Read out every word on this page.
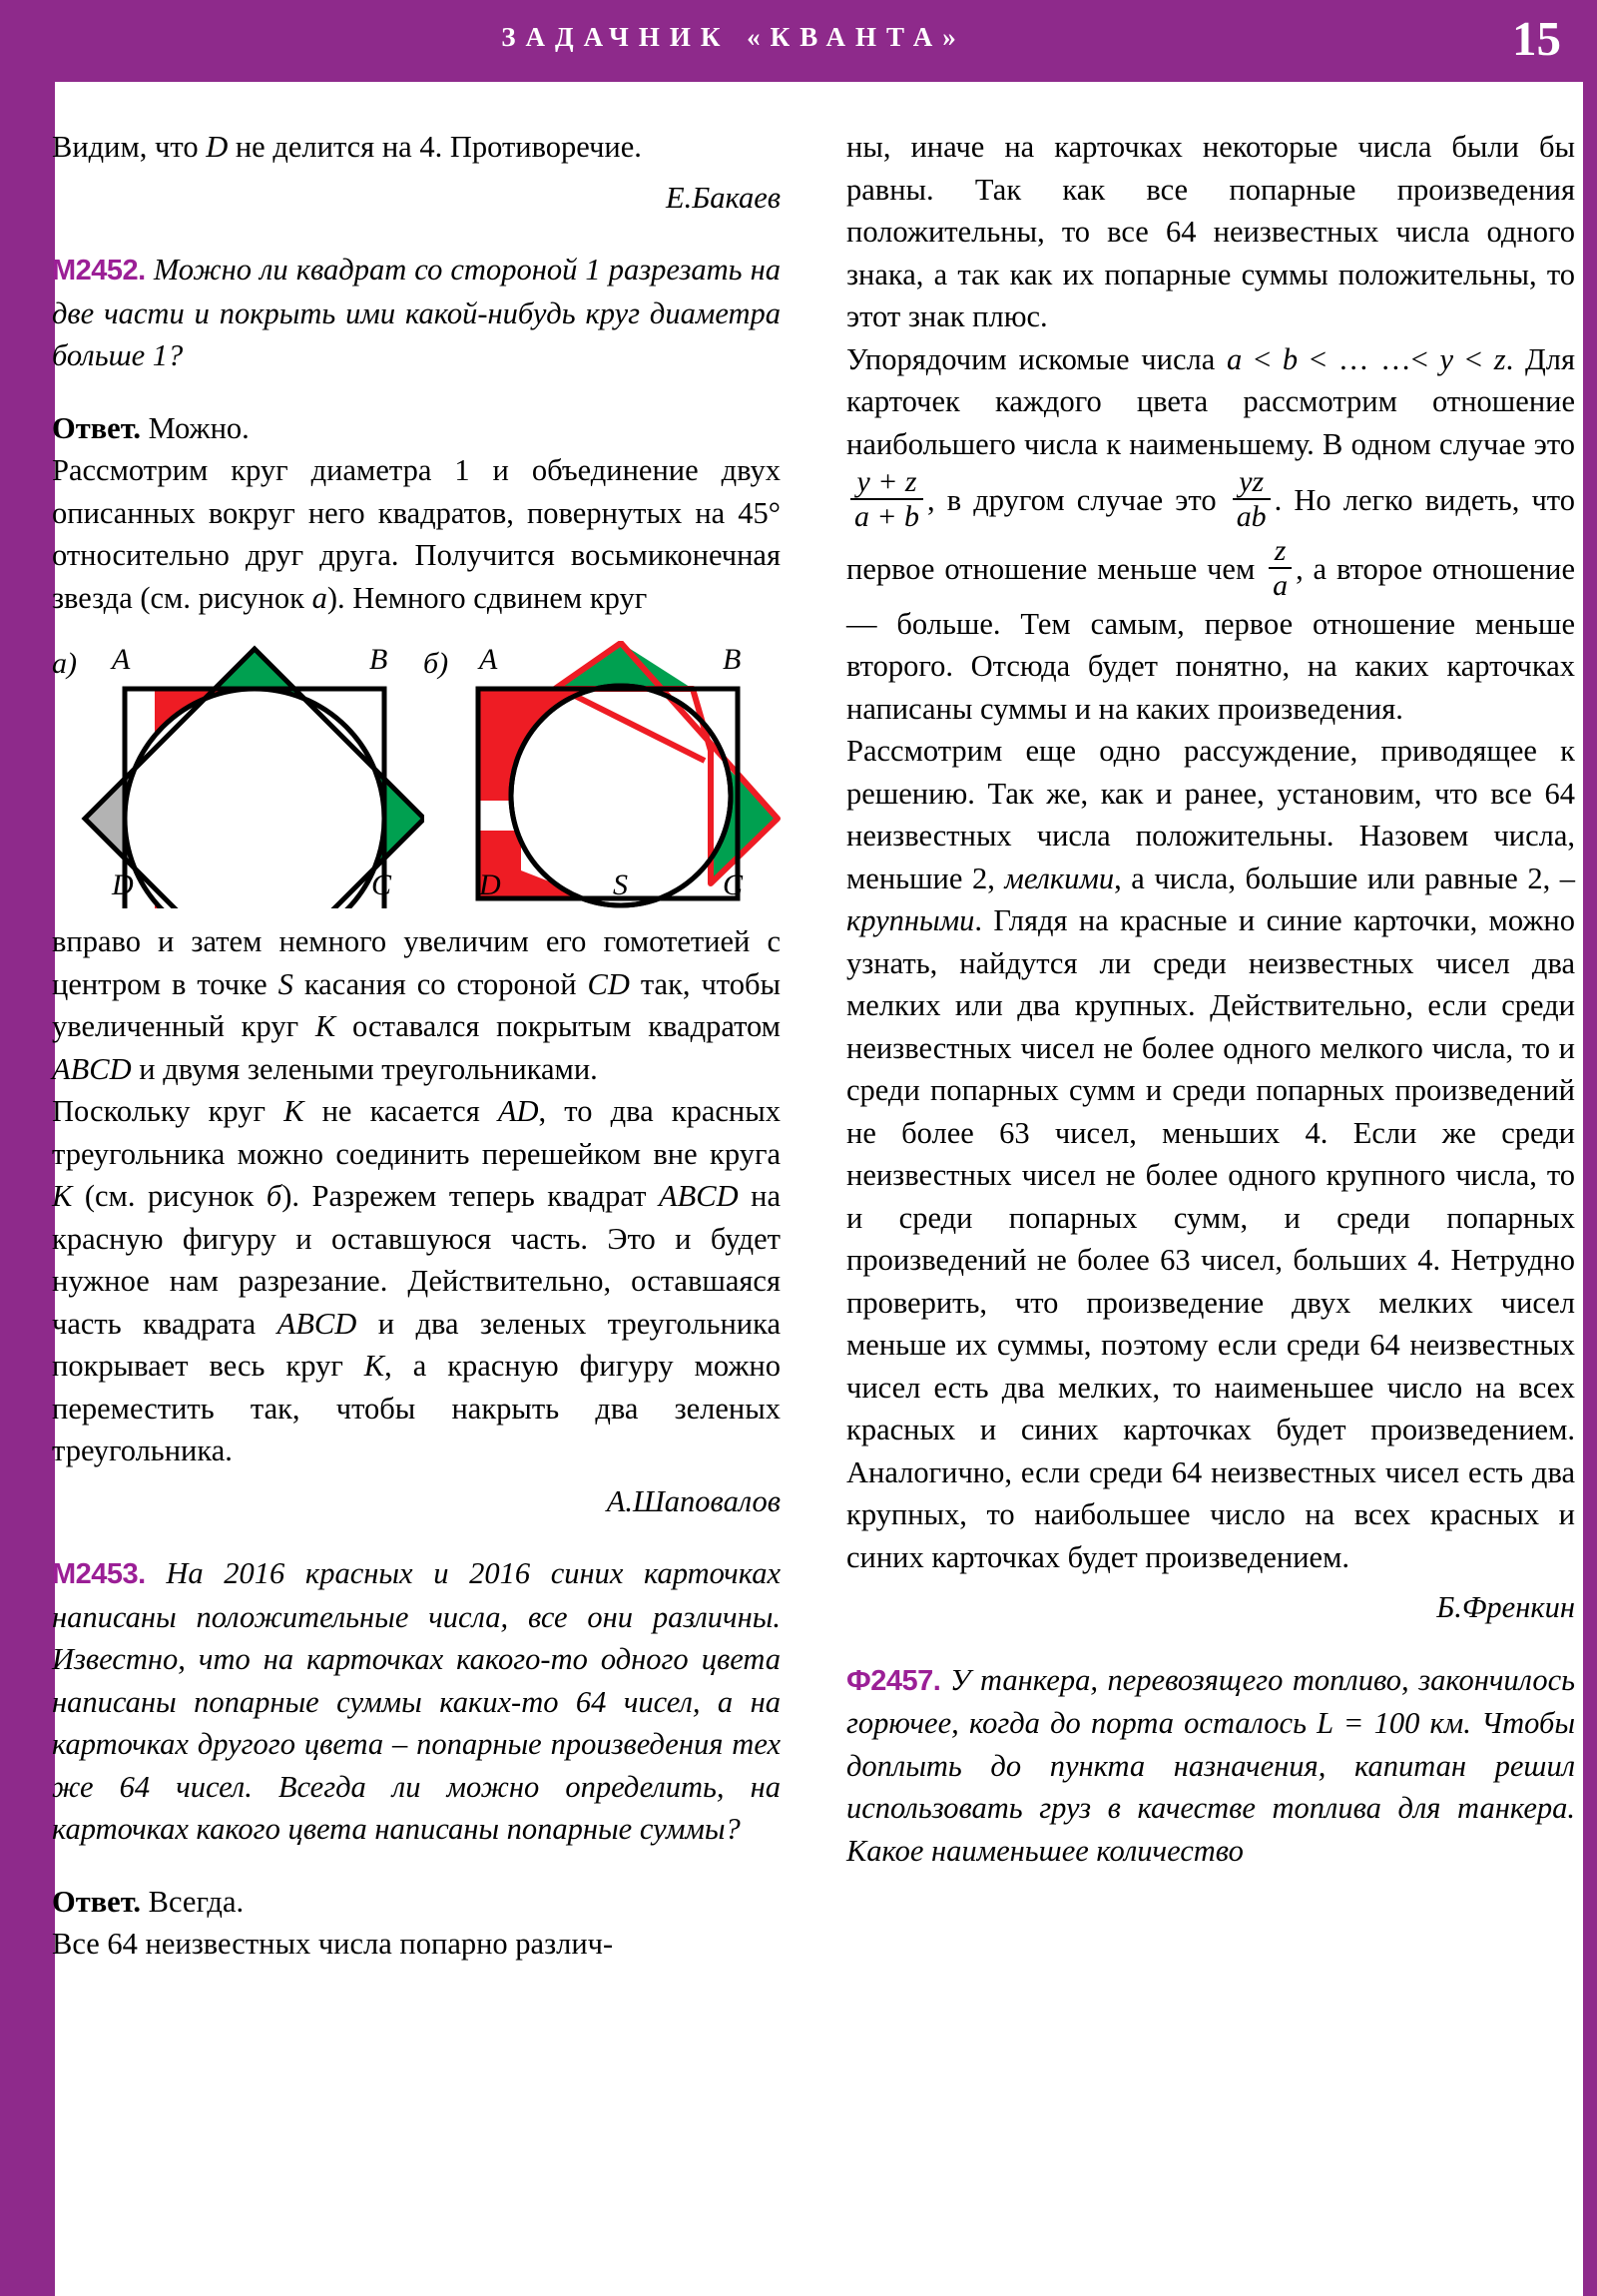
ЗАДАЧНИК «КВАНТА»	15

Видим, что D не делится на 4. Противоречие.

Е.Бакаев

M2452. Можно ли квадрат со стороной 1 разрезать на две части и покрыть ими какой-нибудь круг диаметра больше 1?

Ответ. Можно.

Рассмотрим круг диаметра 1 и объединение двух описанных вокруг него квадратов, повернутых на 45° относительно друг друга. Получится восьмиконечная звезда (см. рисунок а). Немного сдвинем круг

а) A	B
C
D
б) A	B
C
D	S

вправо и затем немного увеличим его гомотетией с центром в точке S касания со стороной CD так, чтобы увеличенный круг K оставался покрытым квадратом ABCD и двумя зелеными треугольниками.

Поскольку круг K не касается AD, то два красных треугольника можно соединить перешейком вне круга K (см. рисунок б). Разрежем теперь квадрат ABCD на красную фигуру и оставшуюся часть. Это и будет нужное нам разрезание. Действительно, оставшаяся часть квадрата ABCD и два зеленых треугольника покрывает весь круг K, а красную фигуру можно переместить так, чтобы накрыть два зеленых треугольника.

А.Шаповалов

M2453. На 2016 красных и 2016 синих карточках написаны положительные числа, все они различны. Известно, что на карточках какого-то одного цвета написаны попарные суммы каких-то 64 чисел, а на карточках другого цвета – попарные произведения тех же 64 чисел. Всегда ли можно определить, на карточках какого цвета написаны попарные суммы?

Ответ. Всегда.

Все 64 неизвестных числа попарно различ-

ны, иначе на карточках некоторые числа были бы равны. Так как все попарные произведения положительны, то все 64 неизвестных числа одного знака, а так как их попарные суммы положительны, то этот знак плюс.

Упорядочим искомые числа a < b < … …< y < z. Для карточек каждого цвета рассмотрим отношение наибольшего числа к наименьшему. В одном случае это
$\frac{y + z}{a + b}$ , в другом случае это $\frac{yz}{ab}$ . Но легко видеть, что первое отношение меньше чем $\frac{z}{a}$ , а второе отношение — больше. Тем самым, первое отношение меньше второго. Отсюда будет понятно, на каких карточках написаны суммы и на каких произведения.

Рассмотрим еще одно рассуждение, приводящее к решению. Так же, как и ранее, установим, что все 64 неизвестных числа положительны. Назовем числа, меньшие 2, мелкими, а числа, большие или равные 2, – крупными. Глядя на красные и синие карточки, можно узнать, найдутся ли среди неизвестных чисел два мелких или два крупных. Действительно, если среди неизвестных чисел не более одного мелкого числа, то и среди попарных сумм и среди попарных произведений не более 63 чисел, меньших 4. Если же среди неизвестных чисел не более одного крупного числа, то и среди попарных сумм, и среди попарных произведений не более 63 чисел, больших 4. Нетрудно проверить, что произведение двух мелких чисел меньше их суммы, поэтому если среди 64 неизвестных чисел есть два мелких, то наименьшее число на всех красных и синих карточках будет произведением. Аналогично, если среди 64 неизвестных чисел есть два крупных, то наибольшее число на всех красных и синих карточках будет произведением.

Б.Френкин

Ф2457. У танкера, перевозящего топливо, закончилось горючее, когда до порта осталось L = 100 км. Чтобы доплыть до пункта назначения, капитан решил использовать груз в качестве топлива для танкера. Какое наименьшее количество
